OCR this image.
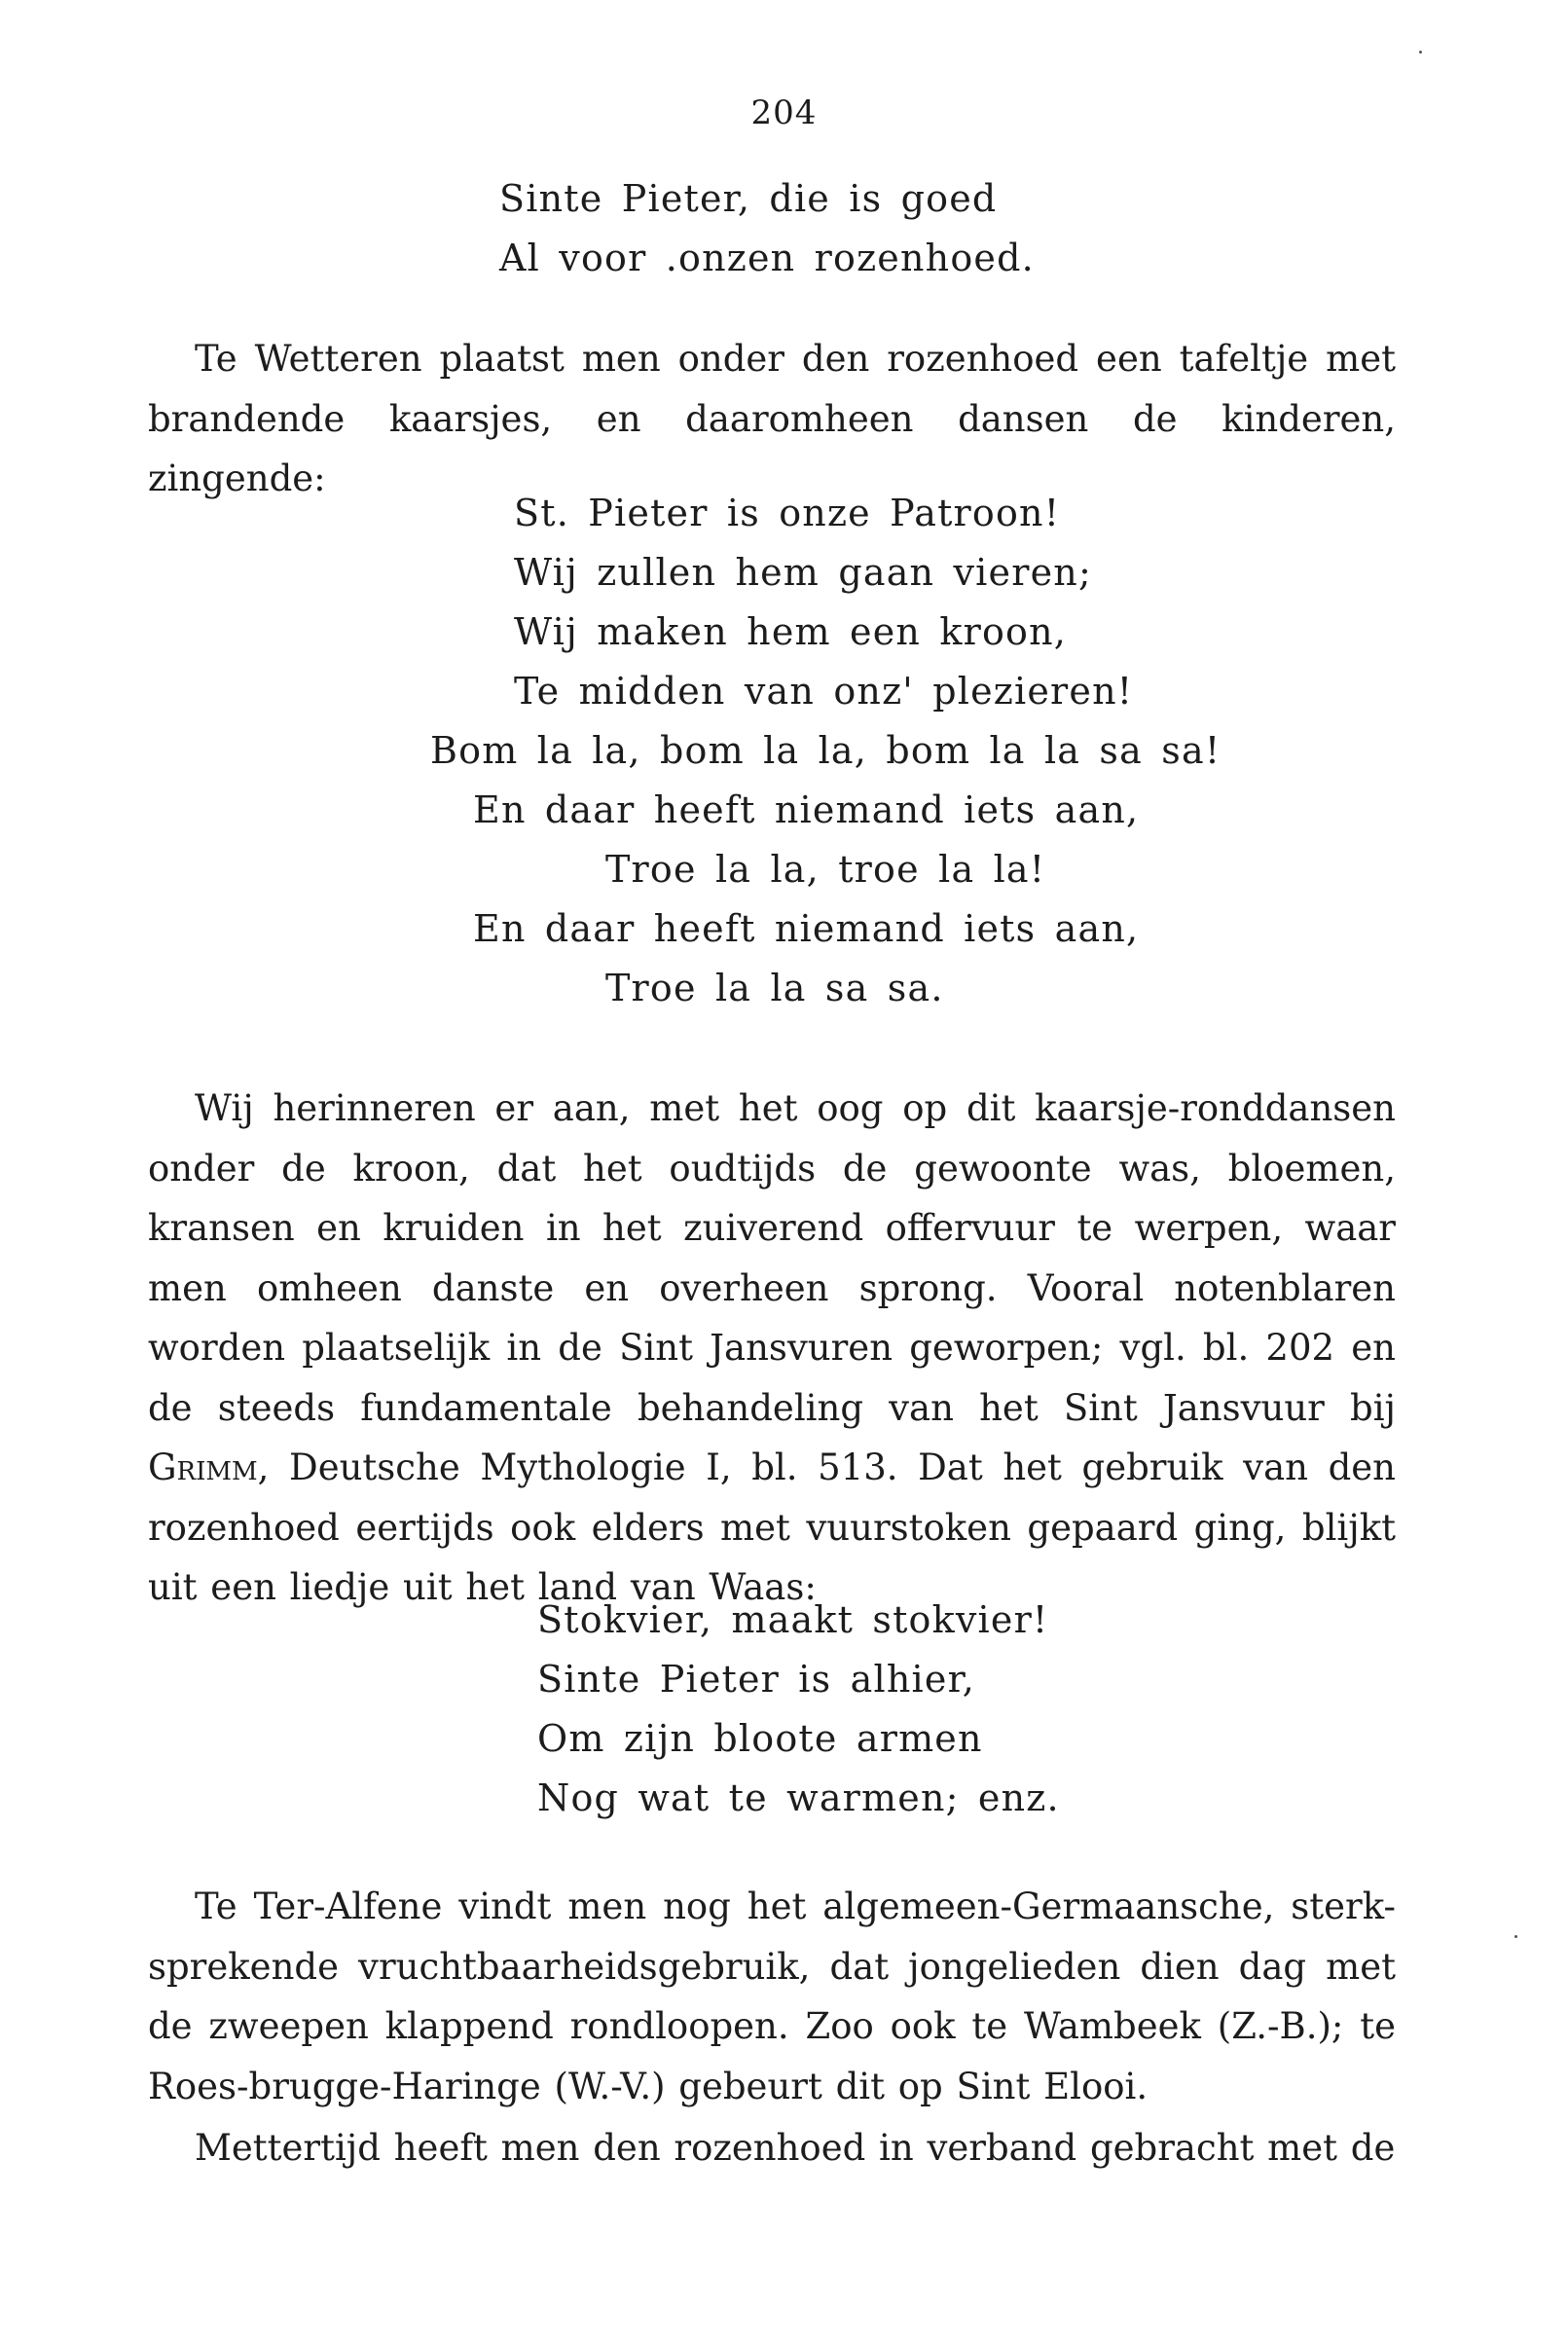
204
Sinte Pieter, die is goed
Al voor .onzen rozenhoed.

Te Wetteren plaatst men onder den rozenhoed een tafeltje met brandende kaarsjes, en daaromheen dansen de kinderen, zingende:

St. Pieter is onze Patroon!
Wij zullen hem gaan vieren;
Wij maken hem een kroon,
Te midden van onz' plezieren!
Bom la la, bom la la, bom la la sa sa!
En daar heeft niemand iets aan,
Troe la la, troe la la!
En daar heeft niemand iets aan,
Troe la la sa sa.

Wij herinneren er aan, met het oog op dit kaarsje-ronddansen onder de kroon, dat het oudtijds de gewoonte was, bloemen, kransen en kruiden in het zuiverend offervuur te werpen, waar men omheen danste en overheen sprong. Vooral notenblaren worden plaatselijk in de Sint Jansvuren geworpen; vgl. bl. 202 en de steeds fundamentale behandeling van het Sint Jansvuur bij Grimm, Deutsche Mythologie I, bl. 513. Dat het gebruik van den rozenhoed eertijds ook elders met vuurstoken gepaard ging, blijkt uit een liedje uit het land van Waas:

Stokvier, maakt stokvier!
Sinte Pieter is alhier,
Om zijn bloote armen
Nog wat te warmen; enz.

Te Ter-Alfene vindt men nog het algemeen-Germaansche, sterk-sprekende vruchtbaarheidsgebruik, dat jongelieden dien dag met de zweepen klappend rondloopen. Zoo ook te Wambeek (Z.-B.); te Roes-brugge-Haringe (W.-V.) gebeurt dit op Sint Elooi.

Mettertijd heeft men den rozenhoed in verband gebracht met de
